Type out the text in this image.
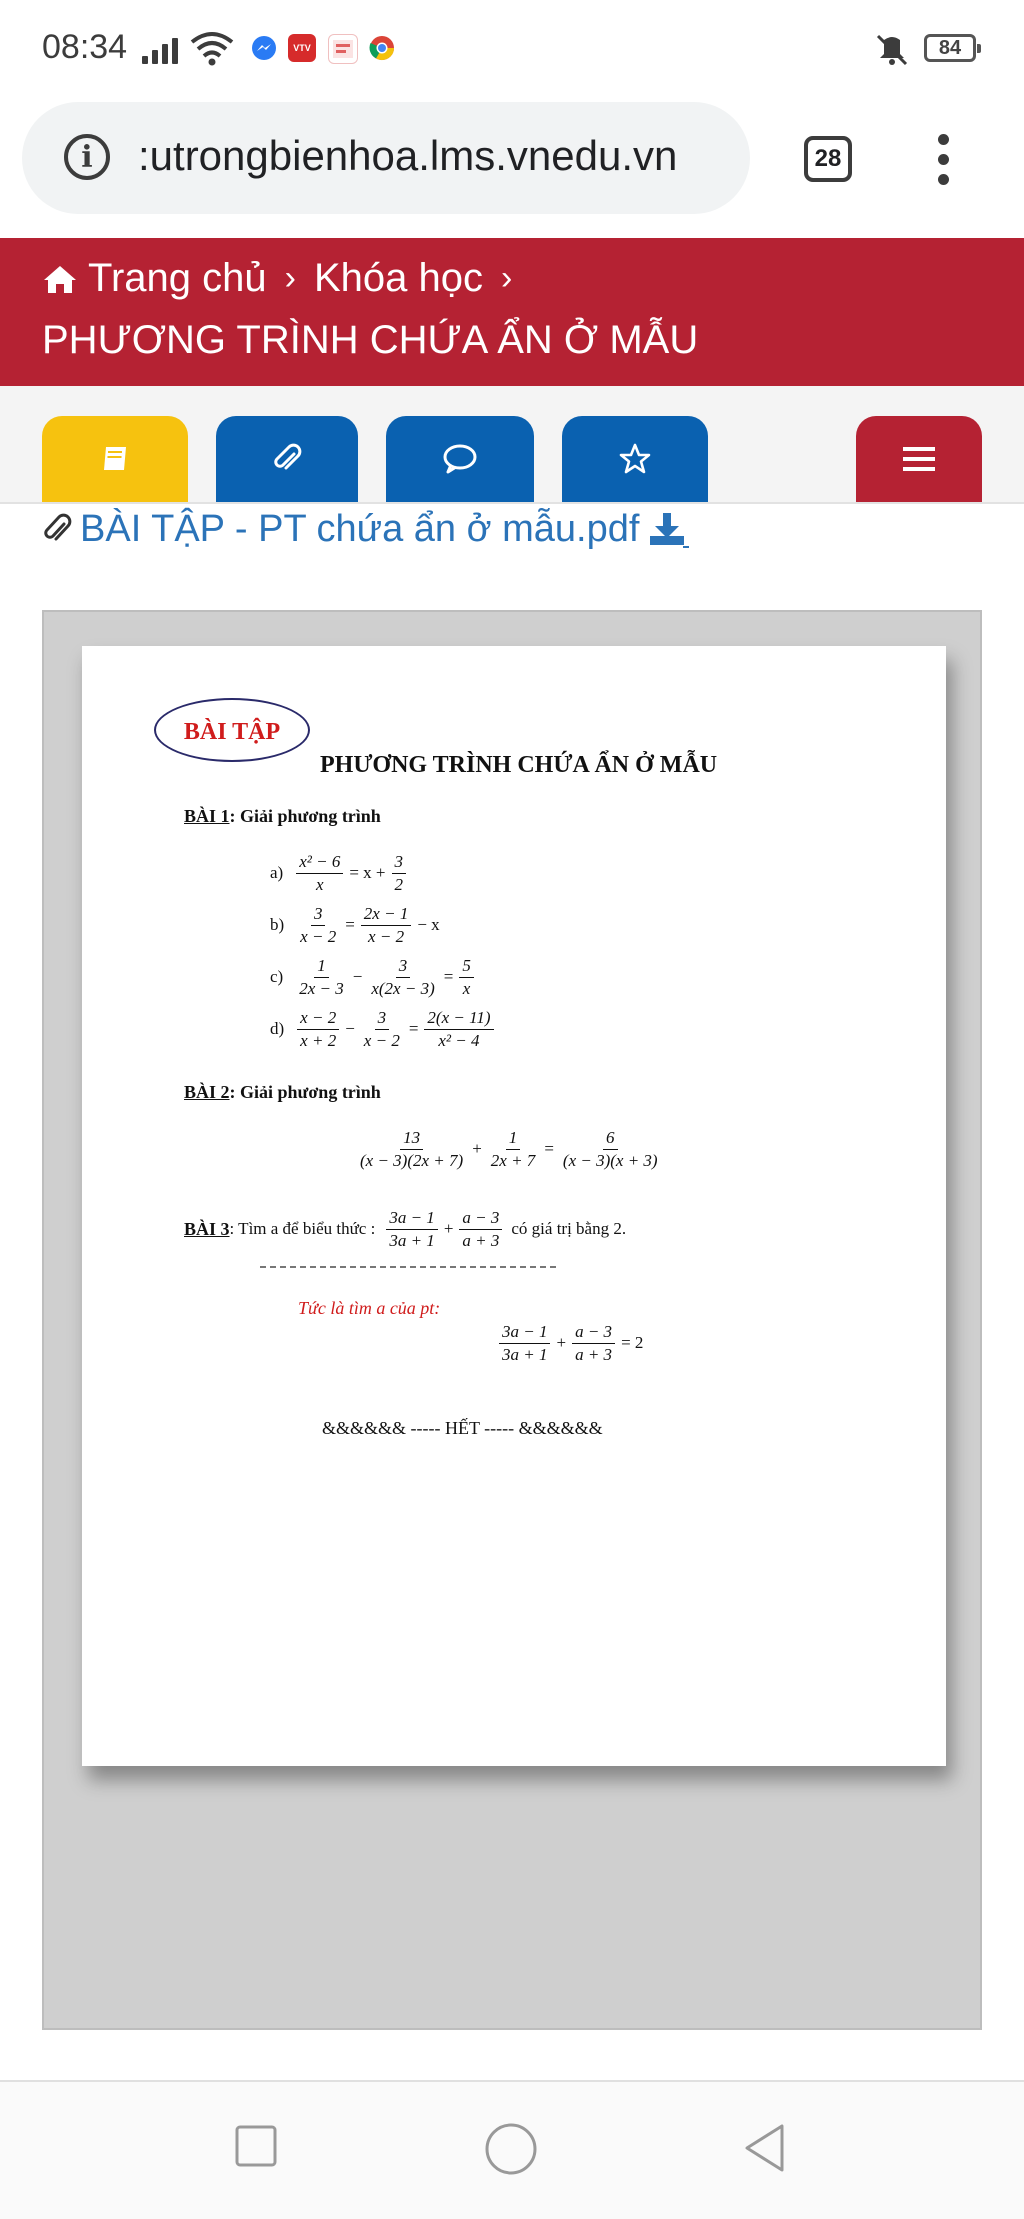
08:34	VTV	84
i	:utrongbienhoa.lms.vnedu.vn	28
Trang chủ › Khóa học ›
PHƯƠNG TRÌNH CHỨA ẨN Ở MẪU
BÀI TẬP - PT chứa ẩn ở mẫu.pdf
BÀI TẬP
PHƯƠNG TRÌNH CHỨA ẨN Ở MẪU
BÀI 1: Giải phương trình
$a) \frac{\text{x² − 6}}{x} = x + \frac{3}{2}$
$b) \frac{3}{x - 2} = \frac{2x - 1}{x - 2} - x$
c)
1
2x − 3
− $\frac{3}{x(2x - 3)} = \frac{5}{x}$
d)
x − 2
x + 2
− $\frac{3}{x - 2} = \frac{2(x - 11)}{\text{x² − 4}}$
BÀI 2: Giải phương trình
13
(x − 3)(2x + 7)
+ $\frac{1}{2x + 7} = \frac{6}{(x - 3)(x + 3)}$
BÀI 3 : Tìm a để biểu thức :
3a − 1
3a + 1
+ $\frac{a - 3}{a + 3}$ có giá trị bằng 2.
Tức là tìm a của pt:
3a − 1
3a + 1
+ $\frac{a - 3}{a + 3} = 2$
&&&&&& ----- HẾT ----- &&&&&&
